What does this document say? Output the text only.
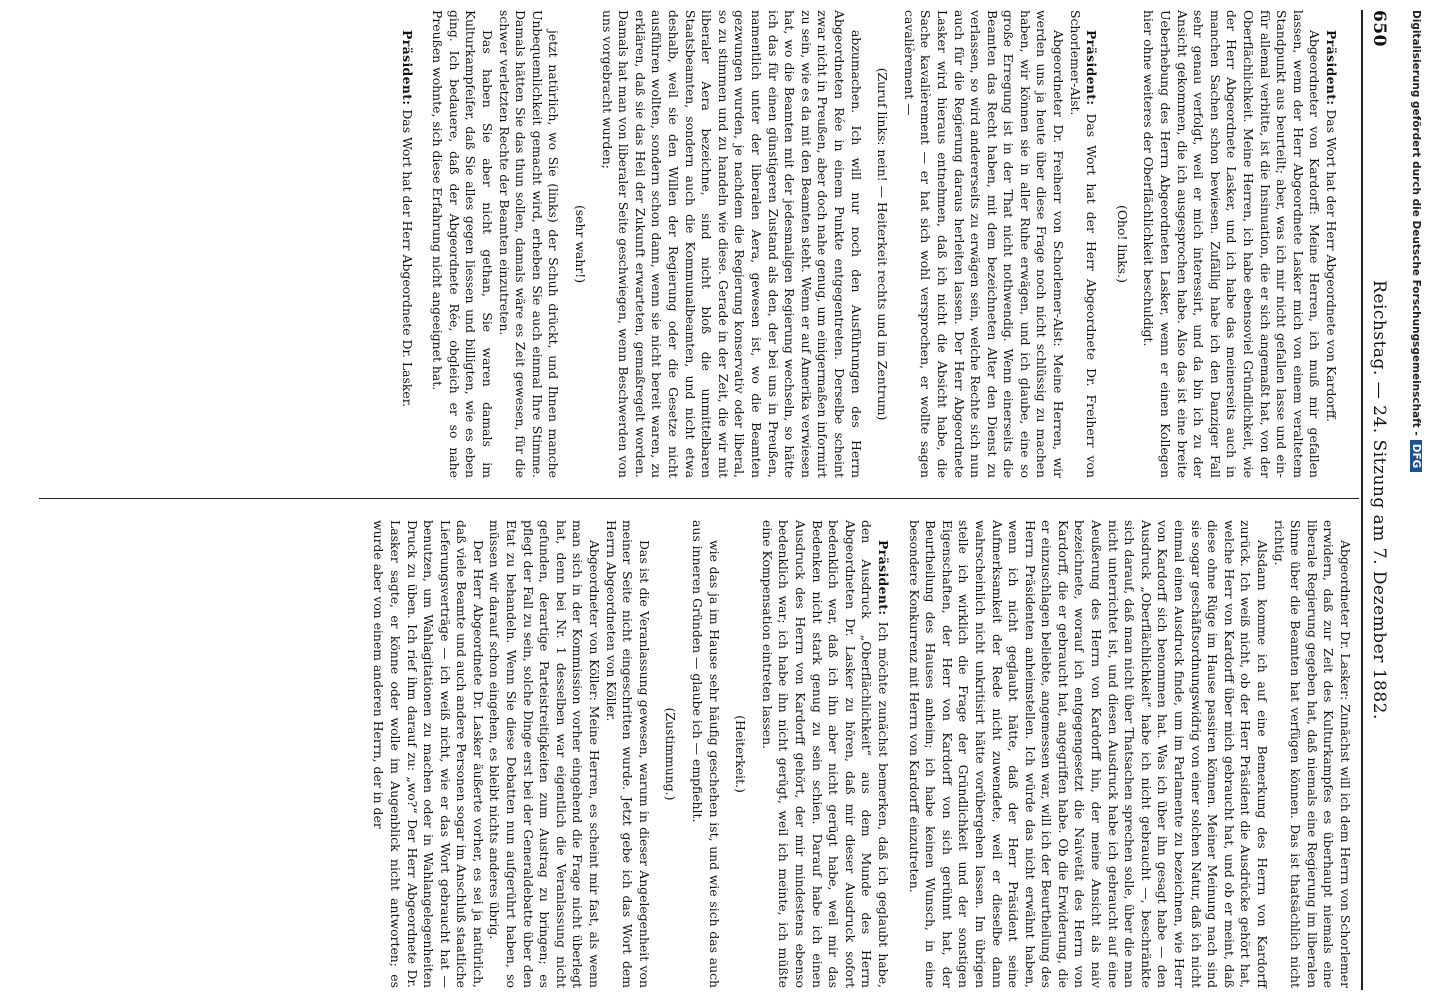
650
Reichstag. — 24. Sitzung am 7. Dezember 1882.

Präsident: Das Wort hat der Herr Abgeordnete von Kardorff.

Abgeordneter von Kardorff: Meine Herren, ich muß mir gefallen lassen, wenn der Herr Abgeordnete Lasker mich von einem veraltetem Standpunkt aus beurteilt; aber, was ich mir nicht gefallen lasse und ein- für allemal verbitte, ist die Insinuation, die er sich angemaßt hat, von der Oberflächlichkeit. Meine Herren, ich habe ebensoviel Gründlichkeit, wie der Herr Abgeordnete Lasker, und ich habe das meinerseits auch in manchen Sachen schon bewiesen. Zufällig habe ich den Danziger Fall sehr genau verfolgt, weil er mich interessirt, und da bin ich zu der Ansicht gekommen, die ich ausgesprochen habe. Also das ist eine breite Ueberhebung des Herrn Abgeordneten Lasker, wenn er einen Kollegen hier ohne weiteres der Oberflächlichkeit beschuldigt.

(Oho! links.)

Präsident: Das Wort hat der Herr Abgeordnete Dr. Freiherr von Schorlemer-Alst.

Abgeordneter Dr. Freiherr von Schorlemer-Alst: Meine Herren, wir werden uns ja heute über diese Frage noch nicht schlüssig zu machen haben, wir können sie in aller Ruhe erwägen, und ich glaube, eine so große Erregung ist in der That nicht nothwendig. Wenn einerseits die Beamten das Recht haben, mit dem bezeichneten Alter den Dienst zu verlassen, so wird andererseits zu erwägen sein, welche Rechte sich nun auch für die Regierung daraus herleiten lassen. Der Herr Abgeordnete Lasker wird hieraus entnehmen, daß ich nicht die Absicht habe, die Sache kavalièrement — er hat sich wohl versprochen, er wollte sagen cavalièrement —

(Zuruf links: nein! — Heiterkeit rechts und im Zentrum)

abzumachen. Ich will nur noch den Ausführungen des Herrn Abgeordneten Rée in einem Punkte entgegentreten. Derselbe scheint zwar nicht in Preußen, aber doch nahe genug, um einigermaßen informirt zu sein, wie es da mit den Beamten steht. Wenn er auf Amerika verwiesen hat, wo die Beamten mit der jedesmaligen Regierung wechseln, so hätte ich das für einen günstigeren Zustand als den, der bei uns in Preußen, namentlich unter der liberalen Aera, gewesen ist, wo die Beamten gezwungen wurden, je nachdem die Regierung konservativ oder liberal, so zu stimmen und zu handeln wie diese. Gerade in der Zeit, die wir mit liberaler Aera bezeichne, sind nicht bloß die unmittelbaren Staatsbeamten, sondern auch die Kommunalbeamten, und nicht etwa deshalb, weil sie den Willen der Regierung oder die Gesetze nicht ausführen wollten, sondern schon dann, wenn sie nicht bereit waren, zu erklären, daß sie das Heil der Zukunft erwarteten, gemaßregelt worden. Damals hat man von liberaler Seite geschwiegen, wenn Beschwerden von uns vorgebracht wurden;

(sehr wahr!)

jetzt natürlich, wo Sie (links) der Schuh drückt, und Ihnen manche Unbequemlichkeit gemacht wird, erheben Sie auch einmal Ihre Stimme. Damals hätten Sie das thun sollen, damals wäre es Zeit gewesen, für die schwer verletzten Rechte der Beamten einzutreten.

Das haben Sie aber nicht gethan, Sie waren damals im Kulturkampfeifer, daß Sie alles gegen liessen und billigten, wie es eben ging. Ich bedauere, daß der Abgeordnete Rée, obgleich er so nahe Preußen wohnte, sich diese Erfahrung nicht angeeignet hat.

Präsident: Das Wort hat der Herr Abgeordnete Dr. Lasker.

Abgeordneter Dr. Lasker: Zunächst will ich dem Herrn von Schorlemer erwidern, daß zur Zeit des Kulturkampfes es überhaupt niemals eine liberale Regierung gegeben hat, daß niemals eine Regierung im liberalen Sinne über die Beamten hat verfügen können. Das ist thatsächlich nicht richtig.

Alsdann komme ich auf eine Bemerkung des Herrn von Kardorff zurück. Ich weiß nicht, ob der Herr Präsident die Ausdrücke gehört hat, welche Herr von Kardorff über mich gebraucht hat, und ob er meint, daß diese ohne Rüge im Hause passiren können. Meiner Meinung nach sind sie sogar geschäftsordnungswidrig von einer solchen Natur, daß ich nicht einmal einen Ausdruck finde, um im Parlamente zu bezeichnen, wie Herr von Kardorff sich benommen hat. Was ich über ihn gesagt habe — den Ausdruck „Oberflächlichkeit“ habe ich nicht gebraucht —, beschränkte sich darauf, daß man nicht über Thatsachen sprechen solle, über die man nicht unterrichtet ist, und diesen Ausdruck habe ich gebraucht auf eine Aeußerung des Herrn von Kardorff hin, der meine Ansicht als naiv bezeichnete, worauf ich entgegengesetzt die Naivetät des Herrn von Kardorff, die er gebraucht hat, angegriffen habe. Ob die Erwiderung, die er einzuschlagen beliebte, angemessen war, will ich der Beurtheilung des Herrn Präsidenten anheimstellen. Ich würde das nicht erwähnt haben, wenn ich nicht geglaubt hätte, daß der Herr Präsident seine Aufmerksamkeit der Rede nicht zuwendete, weil er dieselbe dann wahrscheinlich nicht unkritisirt hätte vorübergehen lassen. Im übrigen stelle ich wirklich die Frage der Gründlichkeit und der sonstigen Eigenschaften, der Herr von Kardorff von sich gerühmt hat, der Beurtheilung des Hauses anheim; ich habe keinen Wunsch, in eine besondere Konkurrenz mit Herrn von Kardorff einzutreten.

Präsident: Ich möchte zunächst bemerken, daß ich geglaubt habe, den Ausdruck „Oberflächlichkeit“ aus dem Munde des Herrn Abgeordneten Dr. Lasker zu hören, daß mir dieser Ausdruck sofort bedenklich war, daß ich ihn aber nicht gerügt habe, weil mir das Bedenken nicht stark genug zu sein schien. Darauf habe ich einen Ausdruck des Herrn von Kardorff gehört, der mir mindestens ebenso bedenklich war; ich habe ihn nicht gerügt, weil ich meinte, ich müßte eine Kompensation eintreten lassen.

(Heiterkeit.)

wie das ja im Hause sehr häufig geschehen ist, und wie sich das auch aus inneren Gründen — glaube ich — empfiehlt.

(Zustimmung.)

Das ist die Veranlassung gewesen, warum in dieser Angelegenheit von meiner Seite nicht eingeschritten wurde. Jetzt gebe ich das Wort dem Herrn Abgeordneten von Köller.

Abgeordneter von Köller: Meine Herren, es scheint mir fast, als wenn man sich in der Kommission vorher eingehend die Frage nicht überlegt hat, denn bei Nr. 1 desselben war eigentlich die Veranlassung nicht gefunden, derartige Parteistreitigkeiten zum Austrag zu bringen; es pflegt der Fall zu sein, solche Dinge erst bei der Generaldebatte über den Etat zu behandeln. Wenn Sie diese Debatten nun aufgerührt haben, so müssen wir darauf schon eingehen, es bleibt nichts anderes übrig.

Der Herr Abgeordnete Dr. Lasker äußerte vorher, es sei ja natürlich, daß viele Beamte und auch andere Personen sogar im Anschluß staatliche Lieferungsverträge — ich weiß nicht, wie er das Wort gebraucht hat — benutzen, um Wahlagitationen zu machen oder in Wahlangelegenheiten Druck zu üben. Ich rief ihm darauf zu: „wo?“ Der Herr Abgeordnete Dr. Lasker sagte, er könne oder wolle im Augenblick nicht antworten; es wurde aber von einem anderen Herrn, der in der

Digitalisierung gefördert durch die Deutsche Forschungsgemeinschaft -DFG
